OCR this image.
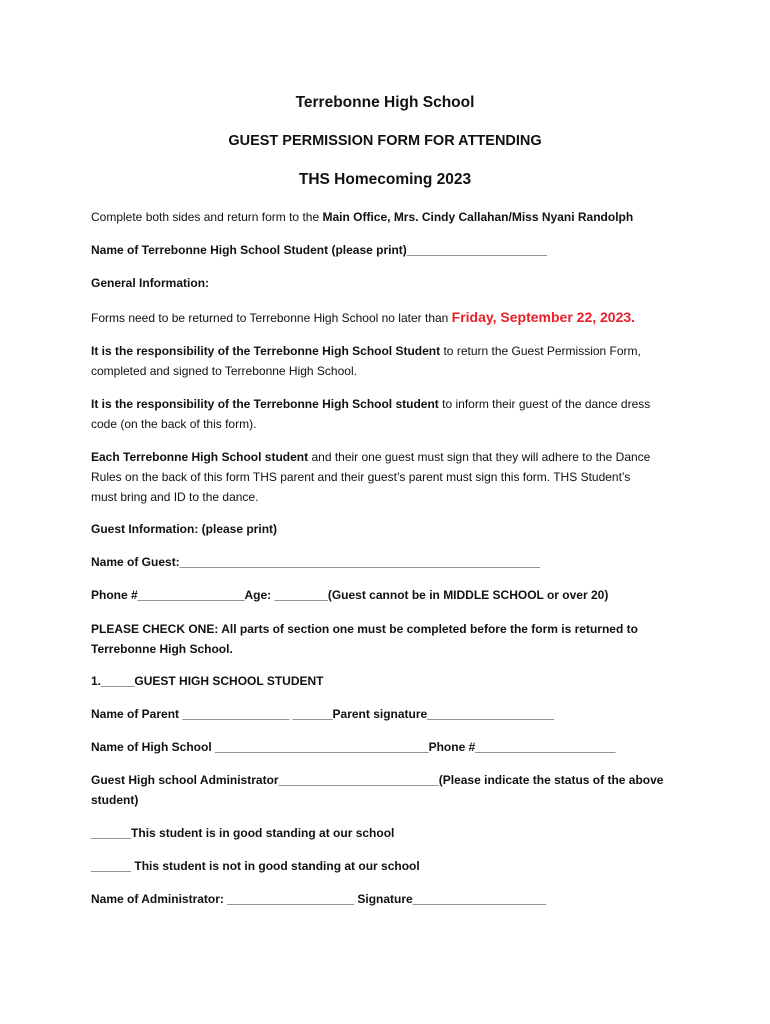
Terrebonne High School
GUEST PERMISSION FORM FOR ATTENDING
THS Homecoming 2023
Complete both sides and return form to the Main Office, Mrs. Cindy Callahan/Miss Nyani Randolph
Name of Terrebonne High School Student (please print)_____________________
General Information:
Forms need to be returned to Terrebonne High School no later than Friday, September 22, 2023.
It is the responsibility of the Terrebonne High School Student to return the Guest Permission Form,
completed and signed to Terrebonne High School.
It is the responsibility of the Terrebonne High School student to inform their guest of the dance dress
code (on the back of this form).
Each Terrebonne High School student and their one guest must sign that they will adhere to the Dance
Rules on the back of this form THS parent and their guest’s parent must sign this form. THS Student’s
must bring and ID to the dance.
Guest Information: (please print)
Name of Guest:______________________________________________________
Phone #________________Age: ________(Guest cannot be in MIDDLE SCHOOL or over 20)
PLEASE CHECK ONE: All parts of section one must be completed before the form is returned to
Terrebonne High School.
1._____GUEST HIGH SCHOOL STUDENT
Name of Parent ________________ ______Parent signature___________________
Name of High School ________________________________Phone #_____________________
Guest High school Administrator________________________(Please indicate the status of the above
student)
______This student is in good standing at our school
______ This student is not in good standing at our school
Name of Administrator: ___________________ Signature____________________
